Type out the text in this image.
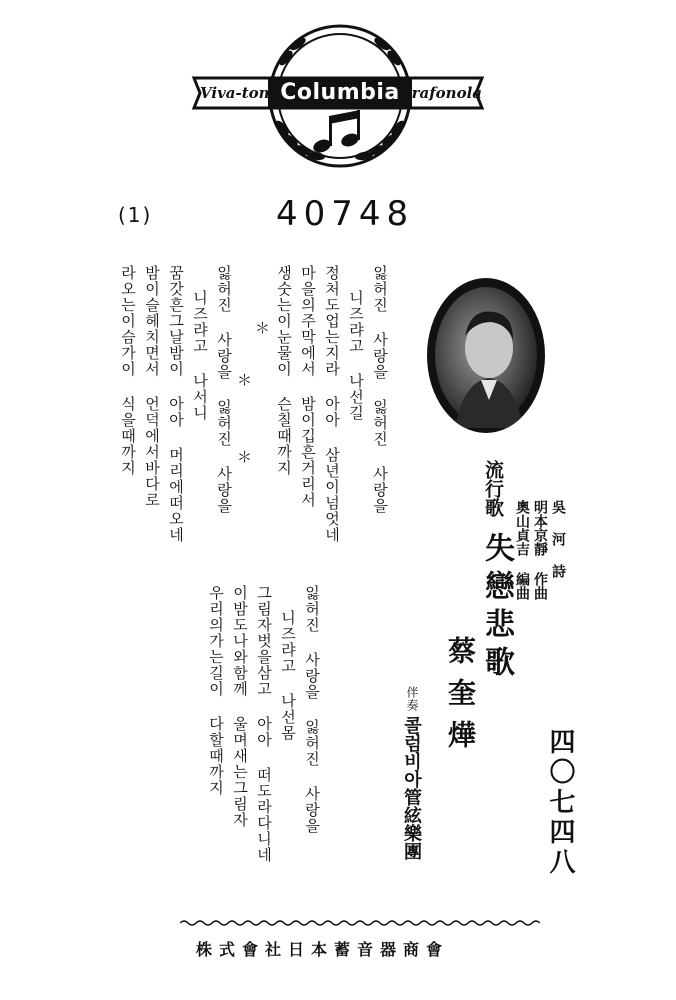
Viva-tonal
Columbia Grafonola
(1)	40748
잃허진 사랑을 잃허진 사랑을
니즈랴고 나선길
정처도업는지라 아아 삼년이넘엇네
마을의주막에서 밤이깁흔거리서
생숫는이눈물이 슨칠때까지
＊
＊ ＊
잃허진 사랑을 잃허진 사랑을
니즈랴고 나서니
꿈갓흔그날밤이 아아 머리에떠오네
밤이슬헤치면서 언덕에서바다로
라오는이슴가이 식을때까지
잃허진 사랑을 잃허진 사랑을
니즈랴고 나선몸
그림자벗을삼고 아아 떠도라다니네
이밤도나와함께 울며새는그림자
우리의가는길이 다할때까지
流行歌
失戀悲歌	吳 河 詩
明本京靜 作曲
奧山貞吉 編曲
蔡奎燁
伴奏
콜럼비아管絃樂團	四〇七四八
株式會社日本蓄音器商會
